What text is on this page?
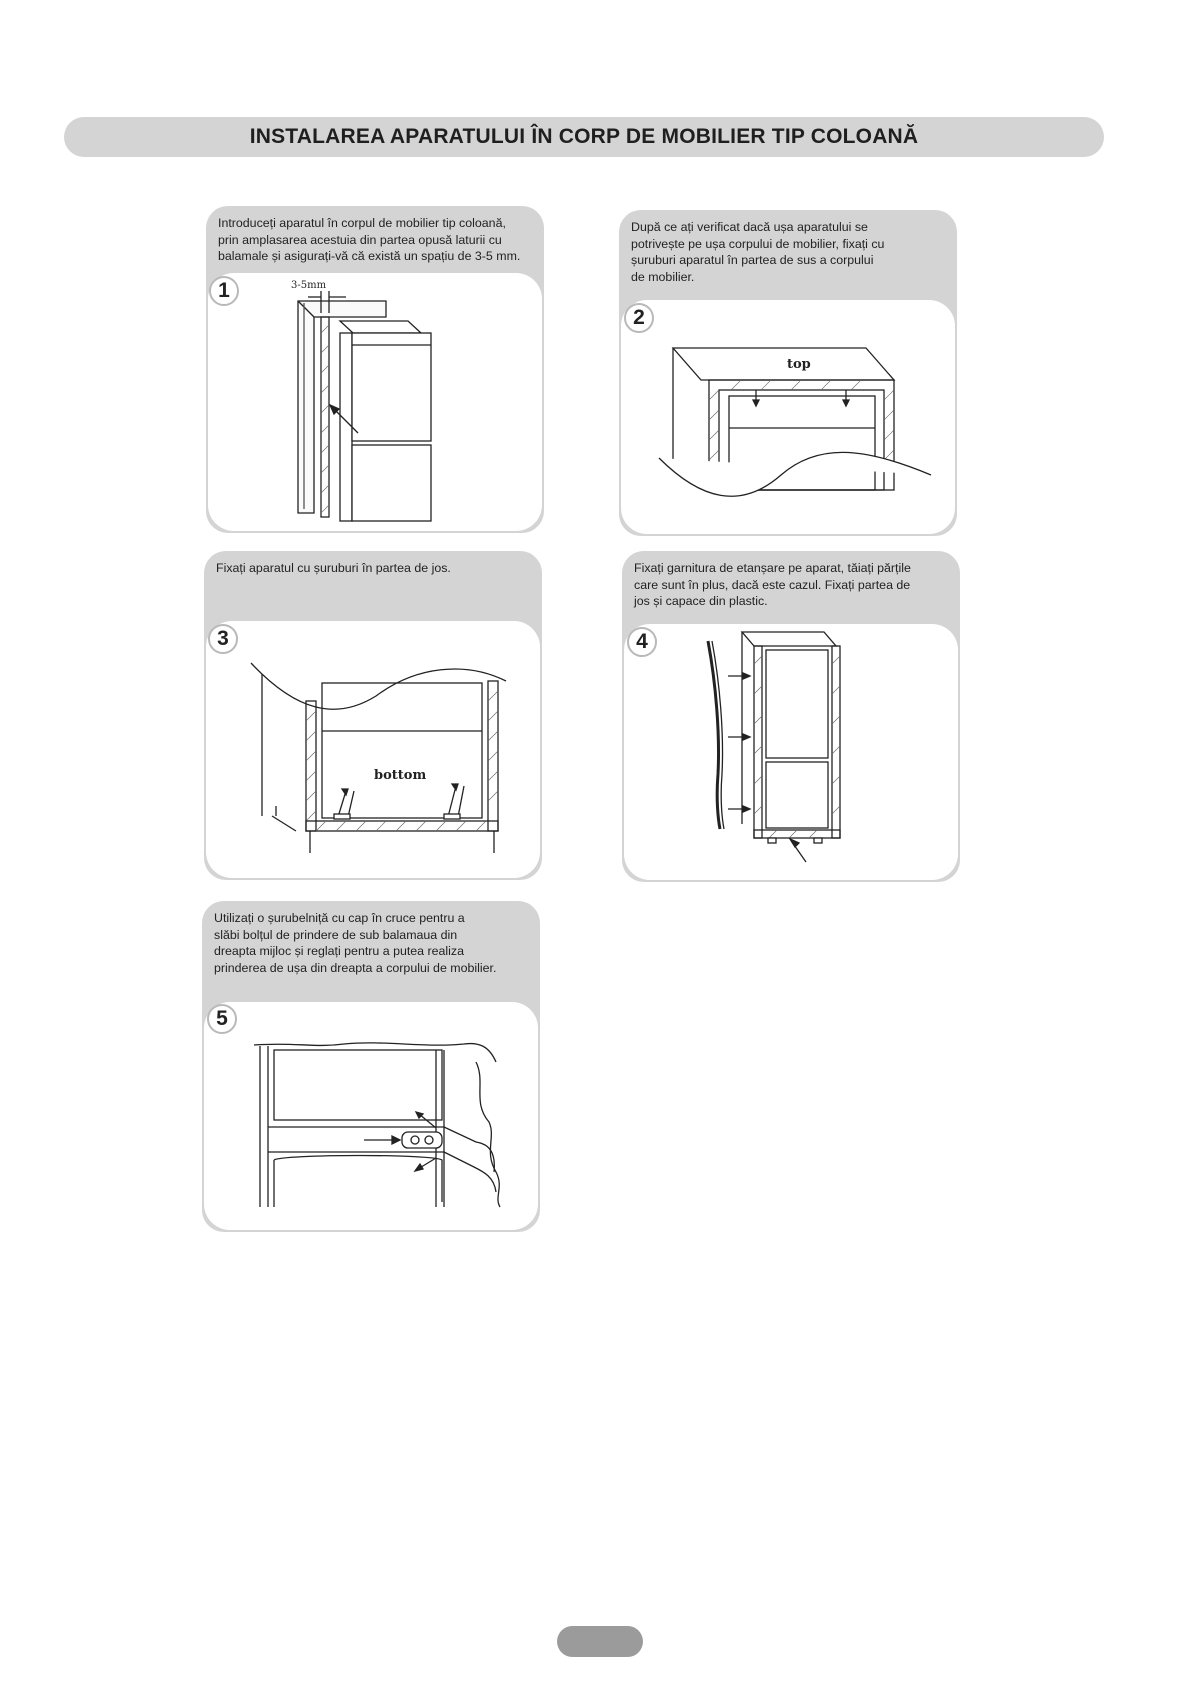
INSTALAREA APARATULUI ÎN CORP DE MOBILIER TIP COLOANĂ
Introduceți aparatul în corpul de mobilier tip coloană,
prin amplasarea acestuia din partea opusă laturii cu
balamale și asigurați-vă că există un spațiu de 3-5 mm.
3-5mm
1
După ce ați verificat dacă ușa aparatului se
potrivește pe ușa corpului de mobilier, fixați cu
șuruburi aparatul în partea de sus a corpului
de mobilier.
top
2
Fixați aparatul cu șuruburi în partea de jos.
bottom
3
Fixați garnitura de etanșare pe aparat, tăiați părțile
care sunt în plus, dacă este cazul. Fixați partea de
jos și capace din plastic.
4
Utilizați o șurubelniță cu cap în cruce pentru a
slăbi bolțul de prindere de sub balamaua din
dreapta mijloc și reglați pentru a putea realiza
prinderea de ușa din dreapta a corpului de mobilier.
5
